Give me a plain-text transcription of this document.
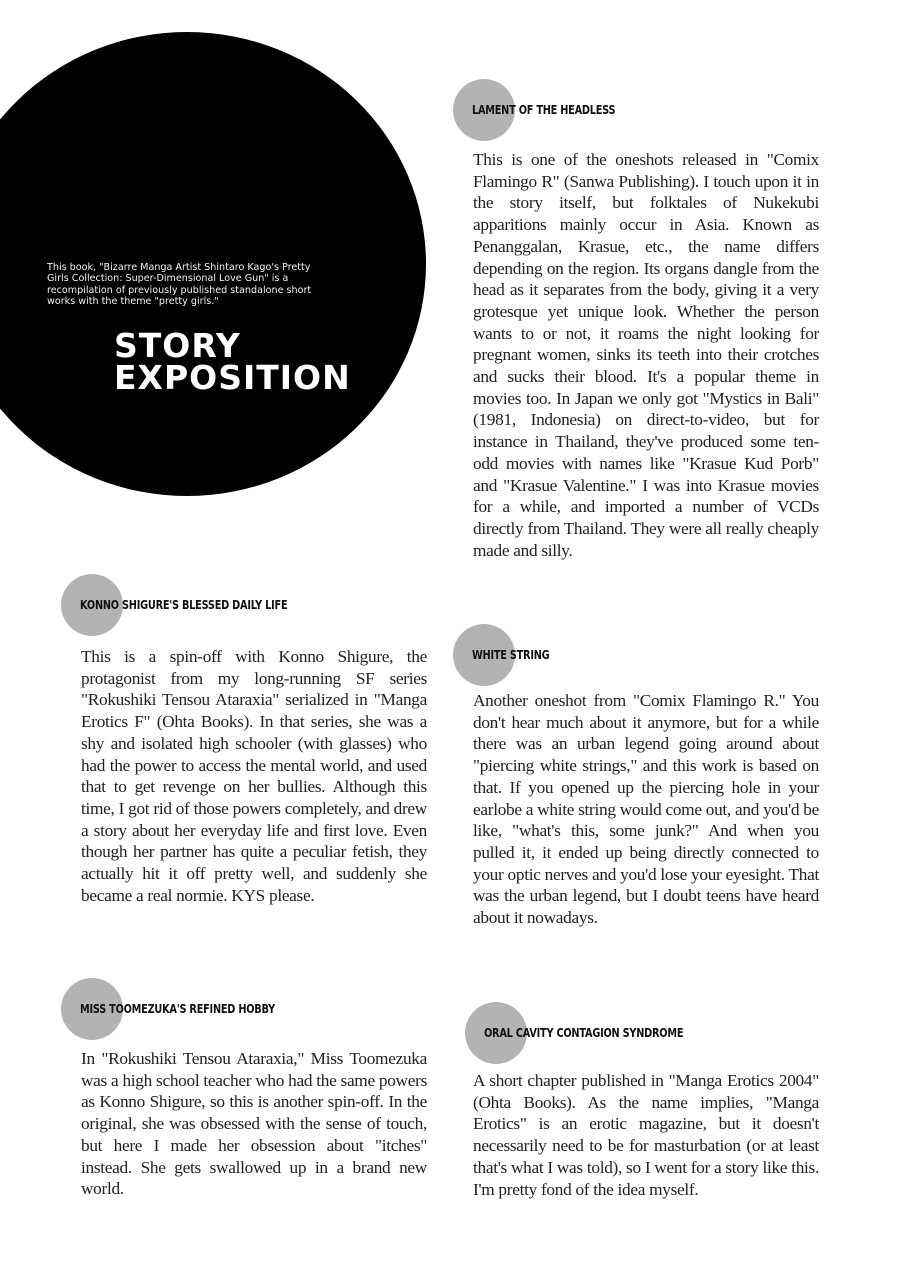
This book, "Bizarre Manga Artist Shintaro Kago's Pretty Girls Collection: Super-Dimensional Love Gun" is a recompilation of previously published standalone short works with the theme "pretty girls."
STORY
EXPOSITION
LAMENT OF THE HEADLESS
This is one of the oneshots released in "Comix Flamingo R" (Sanwa Publishing). I touch upon it in the story itself, but folktales of Nukekubi apparitions mainly occur in Asia. Known as Penanggalan, Krasue, etc., the name differs depending on the region. Its organs dangle from the head as it separates from the body, giving it a very grotesque yet unique look. Whether the person wants to or not, it roams the night looking for pregnant women, sinks its teeth into their crotches and sucks their blood. It's a popular theme in movies too. In Japan we only got "Mystics in Bali" (1981, Indonesia) on direct-to-video, but for instance in Thailand, they've produced some ten-odd movies with names like "Krasue Kud Porb" and "Krasue Valentine." I was into Krasue movies for a while, and imported a number of VCDs directly from Thailand. They were all really cheaply made and silly.
KONNO SHIGURE'S BLESSED DAILY LIFE
This is a spin-off with Konno Shigure, the protagonist from my long-running SF series "Rokushiki Tensou Ataraxia" serialized in "Manga Erotics F" (Ohta Books). In that series, she was a shy and isolated high schooler (with glasses) who had the power to access the mental world, and used that to get revenge on her bullies. Although this time, I got rid of those powers completely, and drew a story about her everyday life and first love. Even though her partner has quite a peculiar fetish, they actually hit it off pretty well, and suddenly she became a real normie. KYS please.
WHITE STRING
Another oneshot from "Comix Flamingo R." You don't hear much about it anymore, but for a while there was an urban legend going around about "piercing white strings," and this work is based on that. If you opened up the piercing hole in your earlobe a white string would come out, and you'd be like, "what's this, some junk?" And when you pulled it, it ended up being directly connected to your optic nerves and you'd lose your eyesight. That was the urban legend, but I doubt teens have heard about it nowadays.
MISS TOOMEZUKA'S REFINED HOBBY
In "Rokushiki Tensou Ataraxia," Miss Toomezuka was a high school teacher who had the same powers as Konno Shigure, so this is another spin-off. In the original, she was obsessed with the sense of touch, but here I made her obsession about "itches" instead. She gets swallowed up in a brand new world.
ORAL CAVITY CONTAGION SYNDROME
A short chapter published in "Manga Erotics 2004" (Ohta Books). As the name implies, "Manga Erotics" is an erotic magazine, but it doesn't necessarily need to be for masturbation (or at least that's what I was told), so I went for a story like this. I'm pretty fond of the idea myself.
